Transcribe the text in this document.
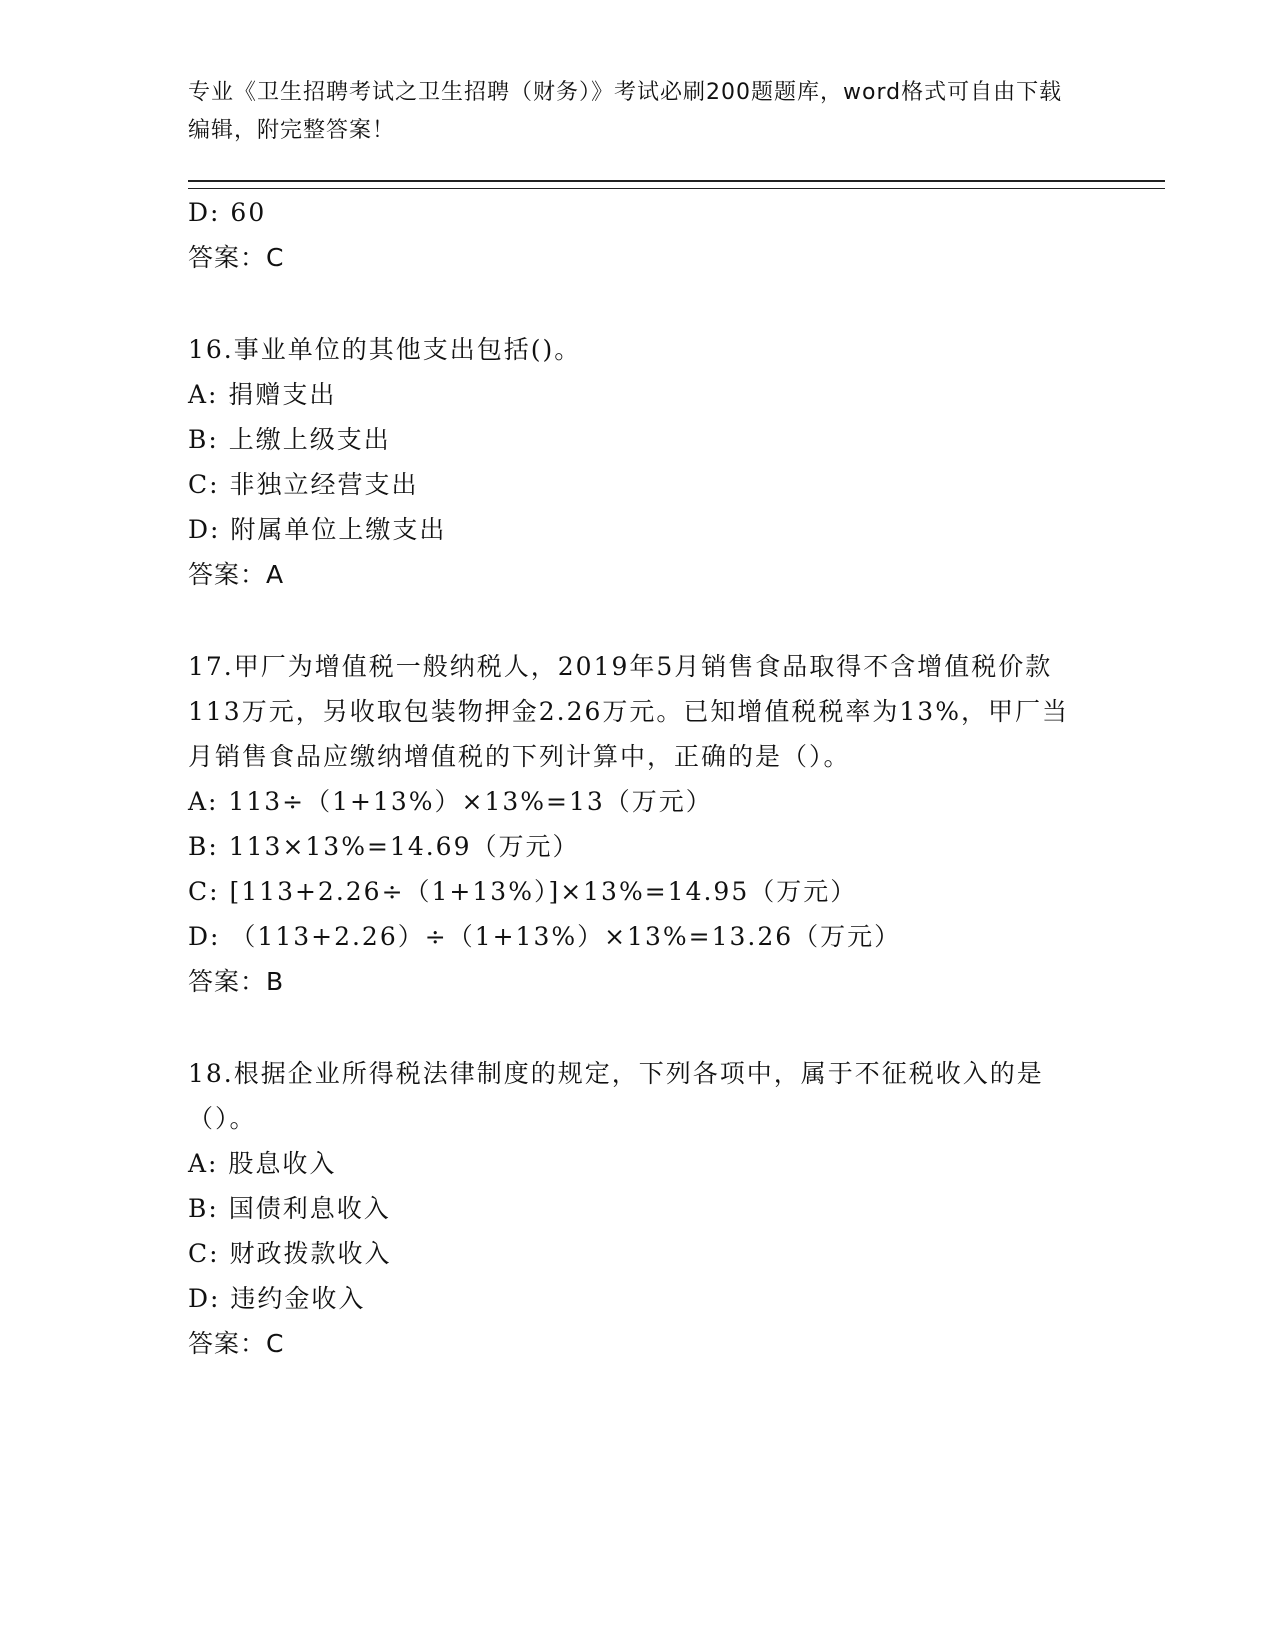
专业《卫生招聘考试之卫生招聘（财务）》考试必刷200题题库，word格式可自由下载编辑，附完整答案！
D: 60
答案：C
16.事业单位的其他支出包括()。
A: 捐赠支出
B: 上缴上级支出
C: 非独立经营支出
D: 附属单位上缴支出
答案：A
17.甲厂为增值税一般纳税人，2019年5月销售食品取得不含增值税价款113万元，另收取包装物押金2.26万元。已知增值税税率为13%，甲厂当月销售食品应缴纳增值税的下列计算中，正确的是（）。
A: 113÷（1+13%）×13%=13（万元）
B: 113×13%=14.69（万元）
C: [113+2.26÷（1+13%）]×13%=14.95（万元）
D: （113+2.26）÷（1+13%）×13%=13.26（万元）
答案：B
18.根据企业所得税法律制度的规定，下列各项中，属于不征税收入的是（）。
A: 股息收入
B: 国债利息收入
C: 财政拨款收入
D: 违约金收入
答案：C
